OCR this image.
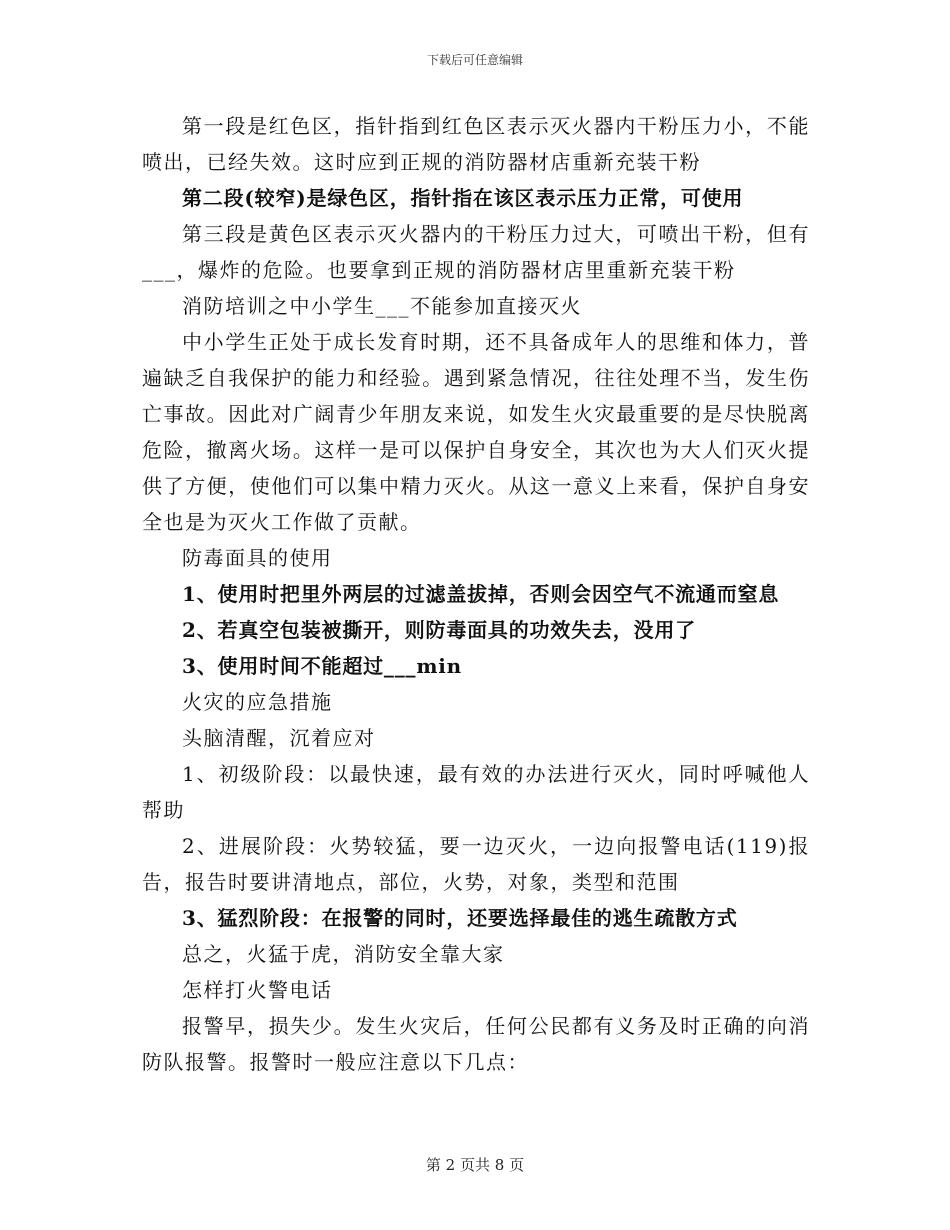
下载后可任意编辑

第一段是红色区，指针指到红色区表示灭火器内干粉压力小，不能喷出，已经失效。这时应到正规的消防器材店重新充装干粉

第二段(较窄)是绿色区，指针指在该区表示压力正常，可使用

第三段是黄色区表示灭火器内的干粉压力过大，可喷出干粉，但有___，爆炸的危险。也要拿到正规的消防器材店里重新充装干粉

消防培训之中小学生___不能参加直接灭火

中小学生正处于成长发育时期，还不具备成年人的思维和体力，普遍缺乏自我保护的能力和经验。遇到紧急情况，往往处理不当，发生伤亡事故。因此对广阔青少年朋友来说，如发生火灾最重要的是尽快脱离危险，撤离火场。这样一是可以保护自身安全，其次也为大人们灭火提供了方便，使他们可以集中精力灭火。从这一意义上来看，保护自身安全也是为灭火工作做了贡献。

防毒面具的使用

1、使用时把里外两层的过滤盖拔掉，否则会因空气不流通而窒息

2、若真空包装被撕开，则防毒面具的功效失去，没用了

3、使用时间不能超过___min

火灾的应急措施

头脑清醒，沉着应对

1、初级阶段：以最快速，最有效的办法进行灭火，同时呼喊他人帮助

2、进展阶段：火势较猛，要一边灭火，一边向报警电话(119)报告，报告时要讲清地点，部位，火势，对象，类型和范围

3、猛烈阶段：在报警的同时，还要选择最佳的逃生疏散方式

总之，火猛于虎，消防安全靠大家

怎样打火警电话

报警早，损失少。发生火灾后，任何公民都有义务及时正确的向消防队报警。报警时一般应注意以下几点：

第 2 页共 8 页
